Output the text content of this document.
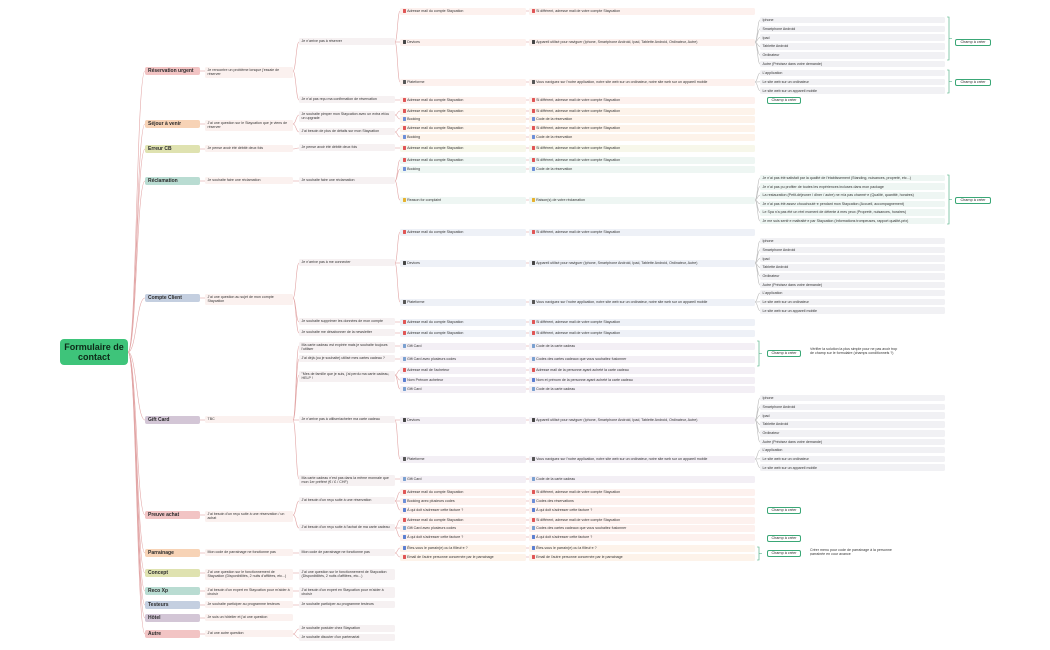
Formulaire de contact
Réservation urgent	Je rencontre un problème lorsque j'essaie de réserver
Séjour à venir	J'ai une question sur le Staycation que je viens de réserver
Erreur CB	Je pense avoir été débité deux fois
Réclamation	Je souhaite faire une réclamation
Compte Client	J'ai une question au sujet de mon compte Staycation
Gift Card	TBC
Preuve achat	J'ai besoin d'un reçu suite à une réservation / un achat
Parrainage	Mon code de parrainage ne fonctionne pas
Concept	J'ai une question sur le fonctionnement de Staycation (Disponibilités, 2 nuits d'affilées, etc...)
Reco Xp	J'ai besoin d'un expert en Staycation pour m'aider à choisir
Testeurs	Je souhaite participer au programme testeurs
Hôtel	Je suis un hôtelier et j'ai une question
Autre	J'ai une autre question
Je n'arrive pas à réserver
Je n'ai pas reçu ma confirmation de réservation
Je souhaite pimper mon Staycation avec un extra et/ou un upgrade
J'ai besoin de plus de détails sur mon Staycation
Je pense avoir été débité deux fois
Je souhaite faire une réclamation
Je n'arrive pas à me connecter
Je souhaite supprimer les données de mon compte
Je souhaite me désabonner de la newsletter
Ma carte cadeau est expirée mais je souhaite toujours l'utiliser
J'ai déjà (ou je souhaite) utilisé mes cartes cadeau ?
"Mes de famille que je suis, j'ai perdu ma carte cadeau, HELP !
Je n'arrive pas à utiliser/acheter ma carte cadeau
Ma carte cadeau n'est pas dans la même monnaie que mon 1er préféré (€ / £ / CHF)
J'ai besoin d'un reçu suite à une réservation
J'ai besoin d'un reçu suite à l'achat de ma carte cadeau
Mon code de parrainage ne fonctionne pas
J'ai une question sur le fonctionnement de Staycation (Disponibilités, 2 nuits d'affilées, etc...)
J'ai besoin d'un expert en Staycation pour m'aider à choisir
Je souhaite participer au programme testeurs
Je souhaite postuler chez Staycation
Je souhaite discuter d'un partenariat
Adresse mail du compte Staycation	Si différent, adresse mail de votre compte Staycation
Devices	Appareil utilisé pour naviguer (Iphone, Smartphone Android, Ipad, Tablette Android, Ordinateur, Autre)
Plateforme	Vous naviguez sur l'notre application, notre site web sur un ordinateur, notre site web sur un appareil mobile
Adresse mail du compte Staycation	Si différent, adresse mail de votre compte Staycation
Adresse mail du compte Staycation	Si différent, adresse mail de votre compte Staycation
Booking	Code de la réservation
Adresse mail du compte Staycation	Si différent, adresse mail de votre compte Staycation
Booking	Code de la réservation
Adresse mail du compte Staycation	Si différent, adresse mail de votre compte Staycation
Adresse mail du compte Staycation	Si différent, adresse mail de votre compte Staycation
Booking	Code de la réservation
Reason for complaint	Raison(s) de votre réclamation
Adresse mail du compte Staycation	Si différent, adresse mail de votre compte Staycation
Devices	Appareil utilisé pour naviguer (Iphone, Smartphone Android, Ipad, Tablette Android, Ordinateur, Autre)
Plateforme	Vous naviguez sur l'notre application, notre site web sur un ordinateur, notre site web sur un appareil mobile
Adresse mail du compte Staycation	Si différent, adresse mail de votre compte Staycation
Adresse mail du compte Staycation	Si différent, adresse mail de votre compte Staycation
Gift Card	Code de la carte cadeau
Gift Card avec plusieurs codes	Codes des cartes cadeaux que vous souhaitez fusionner
Adresse mail de l'acheteur	Adresse mail de la personne ayant acheté la carte cadeau
Nom Prénom acheteur	Nom et prénom de la personne ayant acheté la carte cadeau
Gift Card	Code de la carte cadeau
Devices	Appareil utilisé pour naviguer (Iphone, Smartphone Android, Ipad, Tablette Android, Ordinateur, Autre)
Plateforme	Vous naviguez sur l'notre application, notre site web sur un ordinateur, notre site web sur un appareil mobile
Gift Card	Code de la carte cadeau
Adresse mail du compte Staycation	Si différent, adresse mail de votre compte Staycation
Booking avec plusieurs codes	Codes des réservations
À qui doit s'adresser cette facture ?	À qui doit s'adresser cette facture ?
Adresse mail du compte Staycation	Si différent, adresse mail de votre compte Staycation
Gift Card avec plusieurs codes	Codes des cartes cadeaux que vous souhaitez fusionner
À qui doit s'adresser cette facture ?	À qui doit s'adresser cette facture ?
Êtes-vous le parrain(e) ou la filleul·e ?	Êtes-vous le parrain(e) ou la filleul·e ?
Email de l'autre personne concernée par le parrainage	Email de l'autre personne concernée par le parrainage
Iphone
Smartphone Android
Ipad
Tablette Android
Ordinateur
Autre (Précisez dans votre demande)
L'application
Le site web sur un ordinateur
Le site web sur un appareil mobile
Iphone
Smartphone Android
Ipad
Tablette Android
Ordinateur
Autre (Précisez dans votre demande)
L'application
Le site web sur un ordinateur
Le site web sur un appareil mobile
Iphone
Smartphone Android
Ipad
Tablette Android
Ordinateur
Autre (Précisez dans votre demande)
L'application
Le site web sur un ordinateur
Le site web sur un appareil mobile
Je n'ai pas été satisfait par la qualité de l'établissement (Standing, nuisances, propreté, etc...)
Je n'ai pas pu profiter de toutes les expériences incluses dans mon package
La restauration (Petit-déjeuner / dîner / autre) ne m'a pas charmé·e (Qualité, quantité, horaires)
Je n'ai pas été assez chouchouté·e pendant mon Staycation (Accueil, accompagnement)
Le Spa n'a pas été un réel moment de détente à mes yeux (Propreté, nuisances, horaires)
Je me suis senti·e maltraité·e par Staycation (Informations trompeuses, rapport qualité-prix)
Champ à créer
Champ à créer
Champ à créer
Champ à créer
Champ à créer
Champ à créer
Champ à créer
Champ à créer
Vérifier la solution la plus simple pour ne pas avoir trop de champ sur le formulaire (champs conditionnels ?)
Créer menu pour code de parrainage à la personne parrainée en cour avance
